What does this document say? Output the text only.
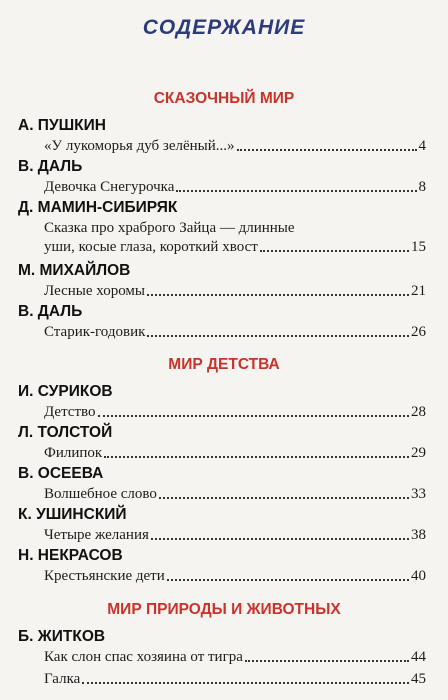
СОДЕРЖАНИЕ
СКАЗОЧНЫЙ МИР
А. ПУШКИН
«У лукоморья дуб зелёный...»	4
В. ДАЛЬ
Девочка Снегурочка	8
Д. МАМИН-СИБИРЯК
Сказка про храброго Зайца — длинные
уши, косые глаза, короткий хвост	15
М. МИХАЙЛОВ
Лесные хоромы	21
В. ДАЛЬ
Старик-годовик	26
МИР ДЕТСТВА
И. СУРИКОВ
Детство	28
Л. ТОЛСТОЙ
Филипок	29
В. ОСЕЕВА
Волшебное слово	33
К. УШИНСКИЙ
Четыре желания	38
Н. НЕКРАСОВ
Крестьянские дети	40
МИР ПРИРОДЫ И ЖИВОТНЫХ
Б. ЖИТКОВ
Как слон спас хозяина от тигра	44
Галка	45
